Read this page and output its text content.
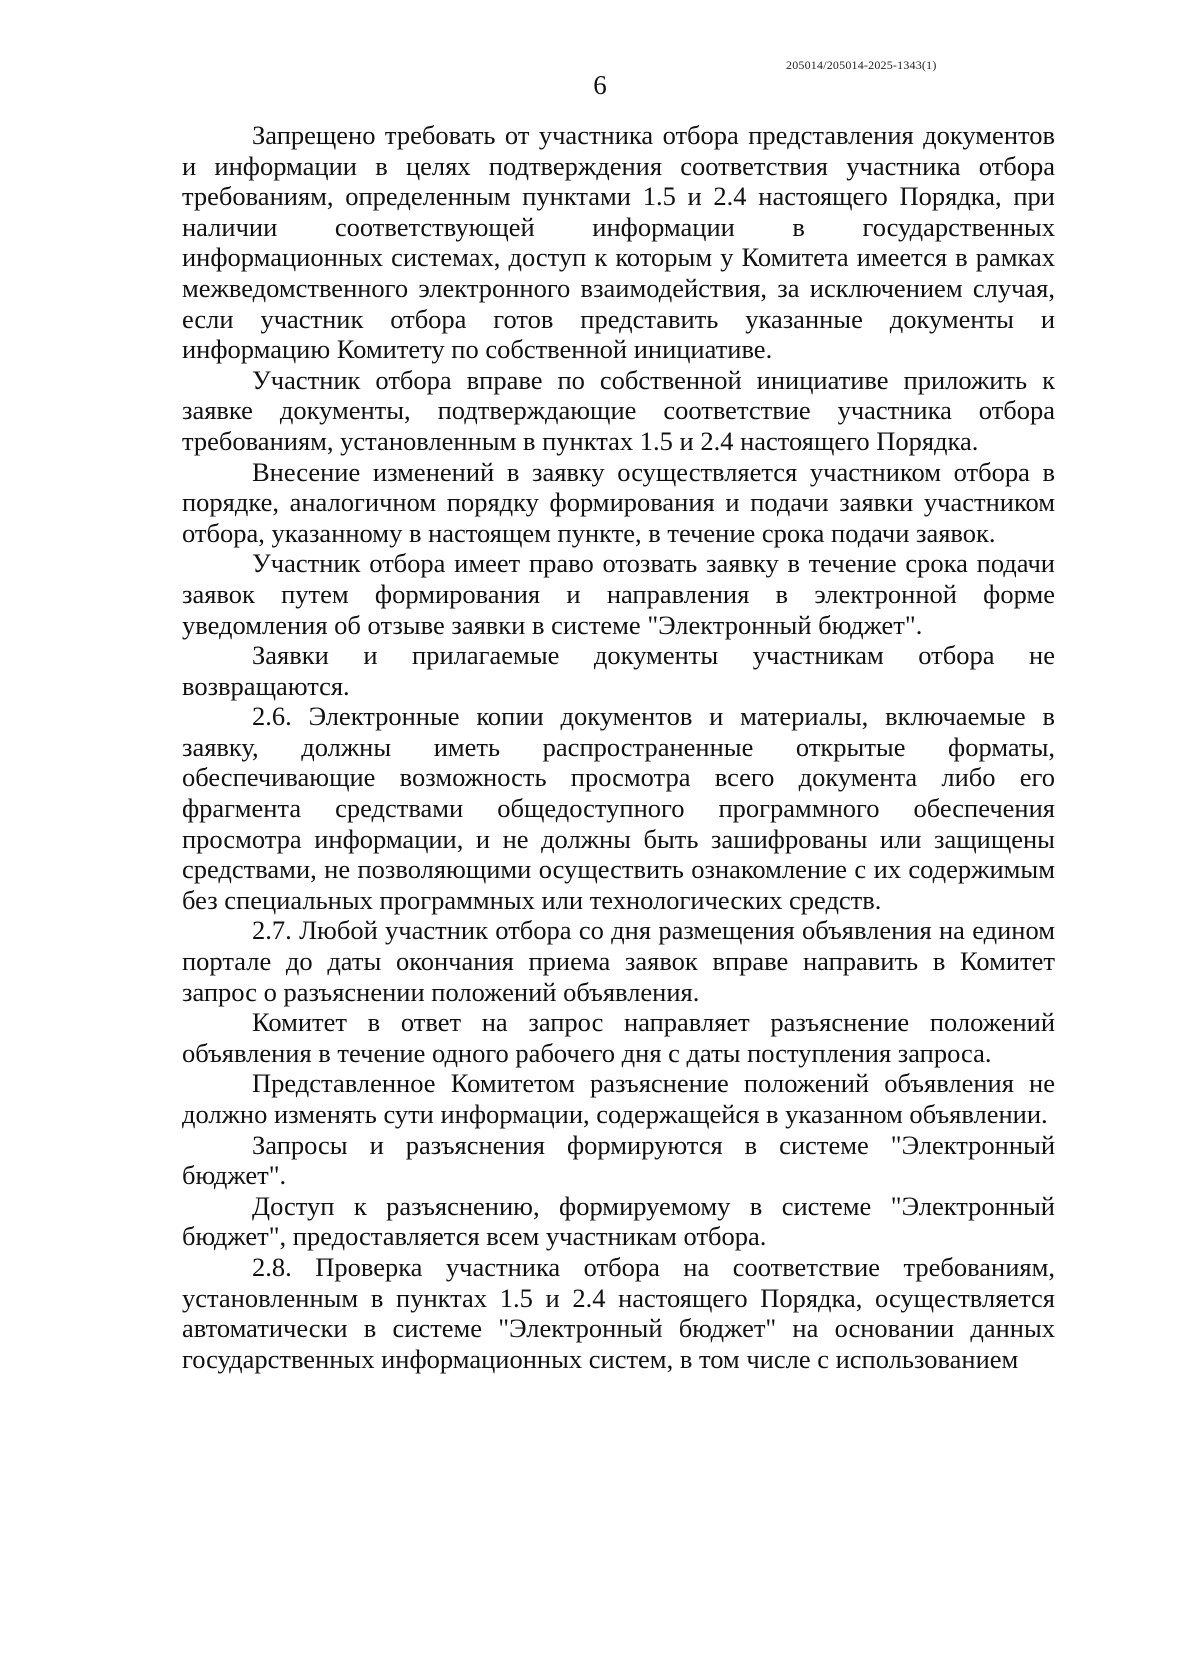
205014/205014-2025-1343(1)
6

Запрещено требовать от участника отбора представления документов и информации в целях подтверждения соответствия участника отбора требованиям, определенным пунктами 1.5 и 2.4 настоящего Порядка, при наличии соответствующей информации в государственных информационных системах, доступ к которым у Комитета имеется в рамках межведомственного электронного взаимодействия, за исключением случая, если участник отбора готов представить указанные документы и информацию Комитету по собственной инициативе.

Участник отбора вправе по собственной инициативе приложить к заявке документы, подтверждающие соответствие участника отбора требованиям, установленным в пунктах 1.5 и 2.4 настоящего Порядка.

Внесение изменений в заявку осуществляется участником отбора в порядке, аналогичном порядку формирования и подачи заявки участником отбора, указанному в настоящем пункте, в течение срока подачи заявок.

Участник отбора имеет право отозвать заявку в течение срока подачи заявок путем формирования и направления в электронной форме уведомления об отзыве заявки в системе "Электронный бюджет".

Заявки и прилагаемые документы участникам отбора не возвращаются.

2.6. Электронные копии документов и материалы, включаемые в заявку, должны иметь распространенные открытые форматы, обеспечивающие возможность просмотра всего документа либо его фрагмента средствами общедоступного программного обеспечения просмотра информации, и не должны быть зашифрованы или защищены средствами, не позволяющими осуществить ознакомление с их содержимым без специальных программных или технологических средств.

2.7. Любой участник отбора со дня размещения объявления на едином портале до даты окончания приема заявок вправе направить в Комитет запрос о разъяснении положений объявления.

Комитет в ответ на запрос направляет разъяснение положений объявления в течение одного рабочего дня с даты поступления запроса.

Представленное Комитетом разъяснение положений объявления не должно изменять сути информации, содержащейся в указанном объявлении.

Запросы и разъяснения формируются в системе "Электронный бюджет".

Доступ к разъяснению, формируемому в системе "Электронный бюджет", предоставляется всем участникам отбора.

2.8. Проверка участника отбора на соответствие требованиям, установленным в пунктах 1.5 и 2.4 настоящего Порядка, осуществляется автоматически в системе "Электронный бюджет" на основании данных государственных информационных систем, в том числе с использованием
